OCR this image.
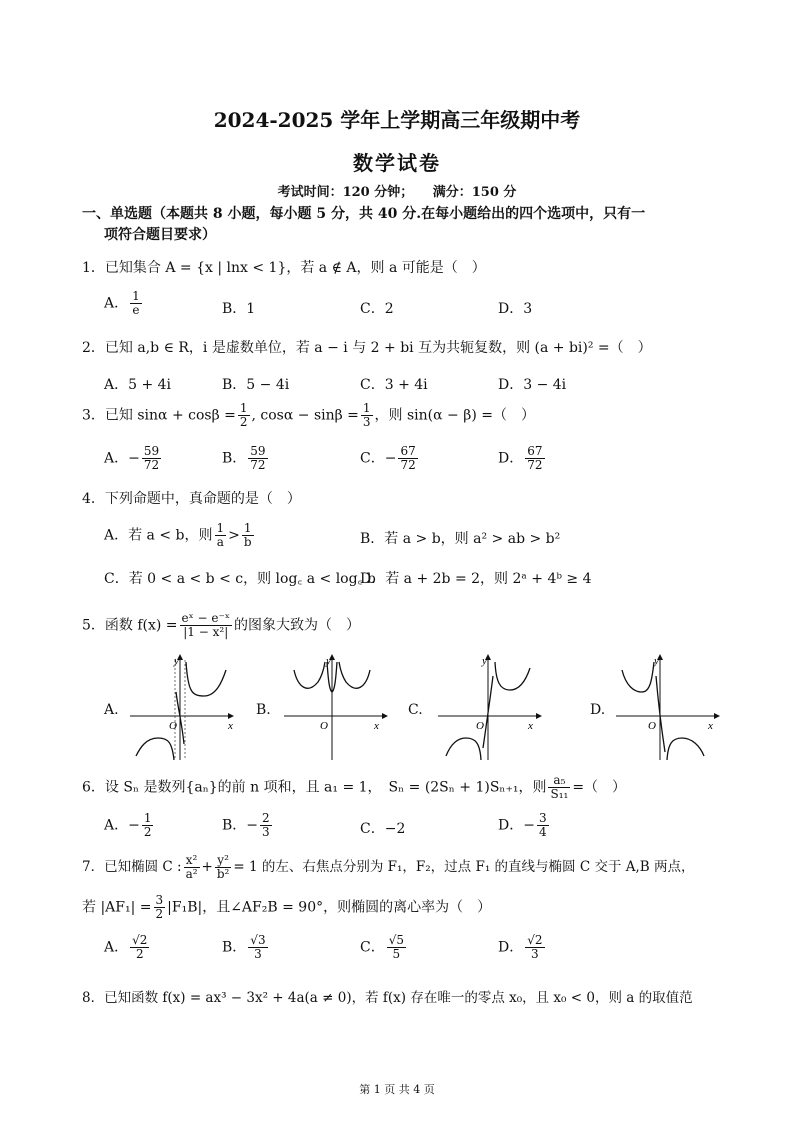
2024-2025 学年上学期高三年级期中考
数学试卷
考试时间：120 分钟；　　满分：150 分
一、单选题（本题共 8 小题，每小题 5 分，共 40 分.在每小题给出的四个选项中，只有一
项符合题目要求）
1．已知集合 A = {x | lnx < 1}，若 a ∉ A，则 a 可能是（　）
A． $\frac{1}{e}$	B．1	C．2	D．3
2．已知 a,b ∈ R，i 是虚数单位，若 a − i 与 2 + bi 互为共轭复数，则 (a + bi)² =（　）
A．5 + 4i	B．5 − 4i	C．3 + 4i	D．3 − 4i
3．已知 $\sin\alpha + \cos\beta = \frac{1}{2}$ , $\cos\alpha - \sin\beta = \frac{1}{3}$ ，则 sin(α − β) =（　）
A．− $\frac{59}{72}$	B． $\frac{59}{72}$	C．− $\frac{67}{72}$	D． $\frac{67}{72}$
4．下列命题中，真命题的是（　）
A．若 a < b，则 $\frac{1}{a} > \frac{1}{b}$	B．若 a > b，则 a² > ab > b²
C．若 0 < a < b < c，则 log꜀ a < log꜀ b
D．若 a + 2b = 2，则 2ᵃ + 4ᵇ ≥ 4
5．函数 $f(x) = \frac{\text{eˣ − e⁻ˣ}}{\text{|1 − x²|}}$ 的图象大致为（　）
A.	B.	C.	D.
x
y
O	x
y
O	x
y
O	x
y
O
6．设 Sₙ 是数列{aₙ}的前 n 项和，且 a₁ = 1，　Sₙ = (2Sₙ + 1)Sₙ₊₁，则 $\frac{\text{a₅}}{\text{S₁₁}}$ =（　）
A．− $\frac{1}{2}$	B．− $\frac{2}{3}$	C．−2	D．− $\frac{3}{4}$
7．已知椭圆 C : $\frac{\text{x²}}{\text{a²}} + \frac{\text{y²}}{\text{b²}} = 1$ 的左、右焦点分别为 F₁，F₂，过点 F₁ 的直线与椭圆 C 交于 A,B 两点，
若 $|AF_1| = \frac{3}{2} |F_1B|$，且∠AF₂B = 90°，则椭圆的离心率为（　）
A． $\frac{√2}{2}$	B． $\frac{√3}{3}$	C． $\frac{√5}{5}$	D． $\frac{√2}{3}$
8．已知函数 f(x) = ax³ − 3x² + 4a(a ≠ 0)，若 f(x) 存在唯一的零点 x₀，且 x₀ < 0，则 a 的取值范
第 1 页 共 4 页
